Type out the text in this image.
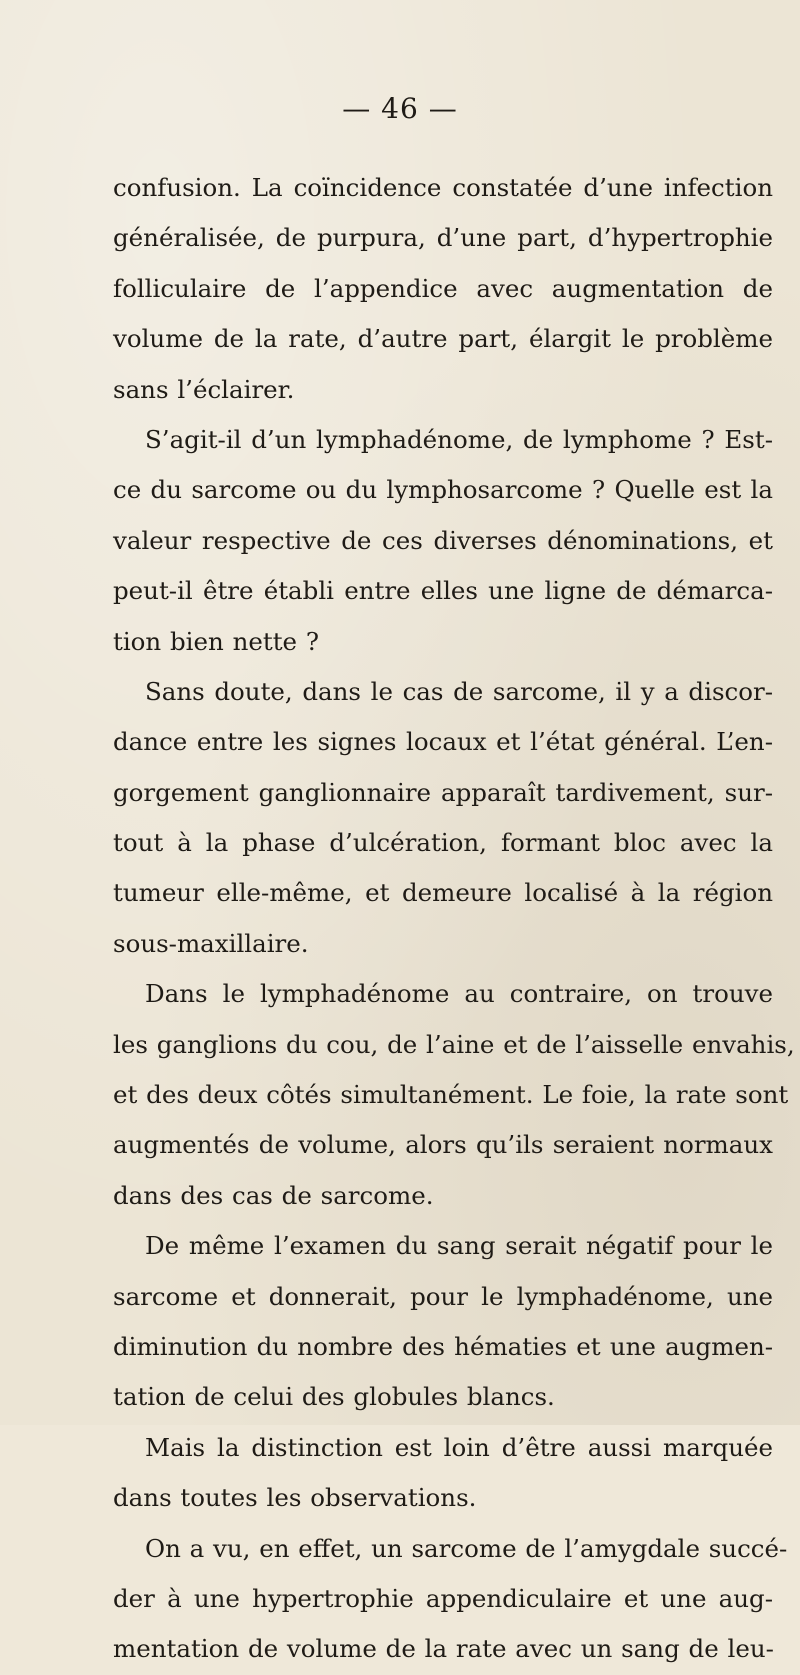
— 46 —
confusion. La coïncidence constatée d’une infection
généralisée, de purpura, d’une part, d’hypertrophie
folliculaire de l’appendice avec augmentation de
volume de la rate, d’autre part, élargit le problème
sans l’éclairer.
S’agit-il d’un lymphadénome, de lymphome ? Est-
ce du sarcome ou du lymphosarcome ? Quelle est la
valeur respective de ces diverses dénominations, et
peut-il être établi entre elles une ligne de démarca-
tion bien nette ?
Sans doute, dans le cas de sarcome, il y a discor-
dance entre les signes locaux et l’état général. L’en-
gorgement ganglionnaire apparaît tardivement, sur-
tout à la phase d’ulcération, formant bloc avec la
tumeur elle-même, et demeure localisé à la région
sous-maxillaire.
Dans le lymphadénome au contraire, on trouve
les ganglions du cou, de l’aine et de l’aisselle envahis,
et des deux côtés simultanément. Le foie, la rate sont
augmentés de volume, alors qu’ils seraient normaux
dans des cas de sarcome.
De même l’examen du sang serait négatif pour le
sarcome et donnerait, pour le lymphadénome, une
diminution du nombre des hématies et une augmen-
tation de celui des globules blancs.
Mais la distinction est loin d’être aussi marquée
dans toutes les observations.
On a vu, en effet, un sarcome de l’amygdale succé-
der à une hypertrophie appendiculaire et une aug-
mentation de volume de la rate avec un sang de leu-
